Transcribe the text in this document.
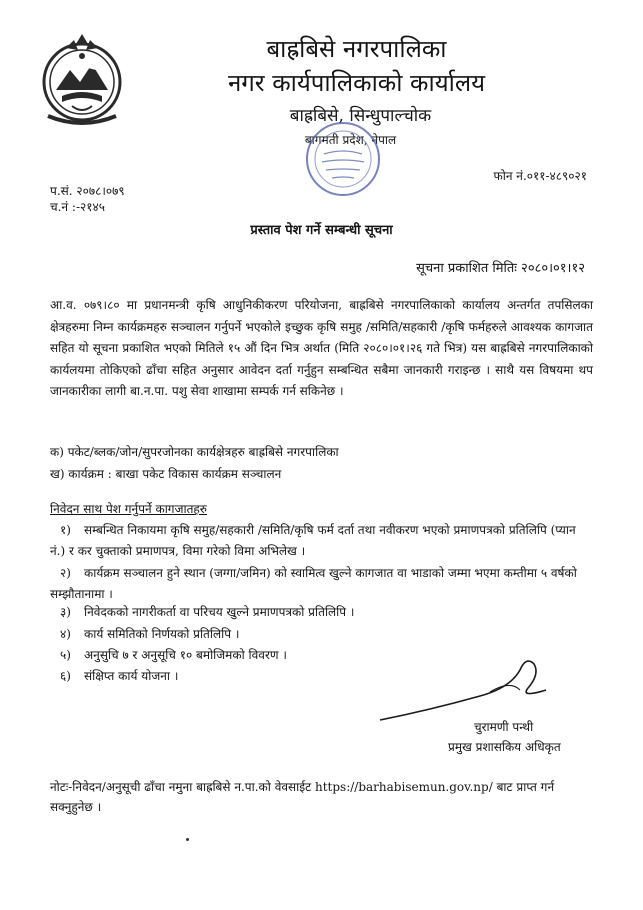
बाह्रबिसे नगरपालिका
नगर कार्यपालिकाको कार्यालय
बाह्रबिसे, सिन्धुपाल्चोक
बागमती प्रदेश, नेपाल
फोन नं.०११-४८९०२१
प.सं. २०७८।०७९
च.नं :-२१४५
प्रस्ताव पेश गर्ने सम्बन्धी सूचना
सूचना प्रकाशित मितिः २०८०।०१।१२

आ.व. ०७९।८० मा प्रधानमन्त्री कृषि आधुनिकीकरण परियोजना, बाह्रबिसे नगरपालिकाको कार्यालय अन्तर्गत तपसिलका क्षेत्रहरुमा निम्न कार्यक्रमहरु सञ्चालन गर्नुपर्ने भएकोले इच्छुक कृषि समुह /समिति/सहकारी /कृषि फर्महरुले आवश्यक कागजात सहित यो सूचना प्रकाशित भएको मितिले १५ औं दिन भित्र अर्थात (मिति २०८०।०१।२६ गते भित्र) यस बाह्रबिसे नगरपालिकाको कार्यलयमा तोकिएको ढाँचा सहित अनुसार आवेदन दर्ता गर्नुहुन सम्बन्धित सबैमा जानकारी गराइन्छ । साथै यस विषयमा थप जानकारीका लागी बा.न.पा. पशु सेवा शाखामा सम्पर्क गर्न सकिनेछ ।

क) पकेट/ब्लक/जोन/सुपरजोनका कार्यक्षेत्रहरु बाह्रबिसे नगरपालिका
ख) कार्यक्रम : बाखा पकेट विकास कार्यक्रम सञ्चालन
निवेदन साथ पेश गर्नुपर्ने कागजातहरु

१) सम्बन्धित निकायमा कृषि समुह/सहकारी /समिति/कृषि फर्म दर्ता तथा नवीकरण भएको प्रमाणपत्रको प्रतिलिपि (प्यान नं.) र कर चुक्ताको प्रमाणपत्र, विमा गरेको विमा अभिलेख ।

२) कार्यक्रम सञ्चालन हुने स्थान (जग्गा/जमिन) को स्वामित्व खुल्ने कागजात वा भाडाको जम्मा भएमा कम्तीमा ५ वर्षको सम्झौतानामा ।

३) निवेदकको नागरीकर्ता वा परिचय खुल्ने प्रमाणपत्रको प्रतिलिपि ।

४) कार्य समितिको निर्णयको प्रतिलिपि ।

५) अनुसुचि ७ र अनुसूचि १० बमोजिमको विवरण ।

६) संक्षिप्त कार्य योजना ।

चुरामणी पन्थी
प्रमुख प्रशासकिय अधिकृत

नोटः-निवेदन/अनुसूची ढाँचा नमुना बाह्रबिसे न.पा.को वेवसाईट https://barhabisemun.gov.np/ बाट प्राप्त गर्न सक्नुहुनेछ ।
